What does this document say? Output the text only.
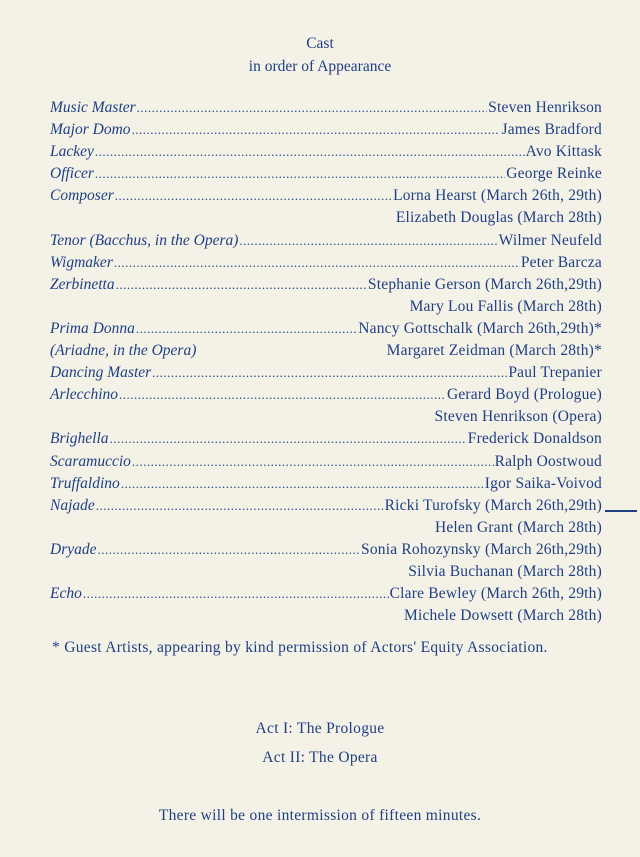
Cast
in order of Appearance
Music Master .....	Steven Henrikson
Major Domo .....	James Bradford
Lackey .....	Avo Kittask
Officer .....	George Reinke
Composer .....	Lorna Hearst (March 26th, 29th)
Elizabeth Douglas (March 28th)
Tenor (Bacchus, in the Opera) .....	Wilmer Neufeld
Wigmaker .....	Peter Barcza
Zerbinetta .....	Stephanie Gerson (March 26th,29th)
Mary Lou Fallis (March 28th)
Prima Donna .....	Nancy Gottschalk (March 26th,29th)*
(Ariadne, in the Opera)	Margaret Zeidman (March 28th)*
Dancing Master .....	Paul Trepanier
Arlecchino .....	Gerard Boyd (Prologue)
Steven Henrikson (Opera)
Brighella .....	Frederick Donaldson
Scaramuccio .....	Ralph Oostwoud
Truffaldino .....	Igor Saika-Voivod
Najade .....	Ricki Turofsky (March 26th,29th)
Helen Grant (March 28th)
Dryade .....	Sonia Rohozynsky (March 26th,29th)
Silvia Buchanan (March 28th)
Echo .....	Clare Bewley (March 26th, 29th)
Michele Dowsett (March 28th)
* Guest Artists, appearing by kind permission of Actors' Equity Association.
Act I: The Prologue
Act II: The Opera
There will be one intermission of fifteen minutes.
